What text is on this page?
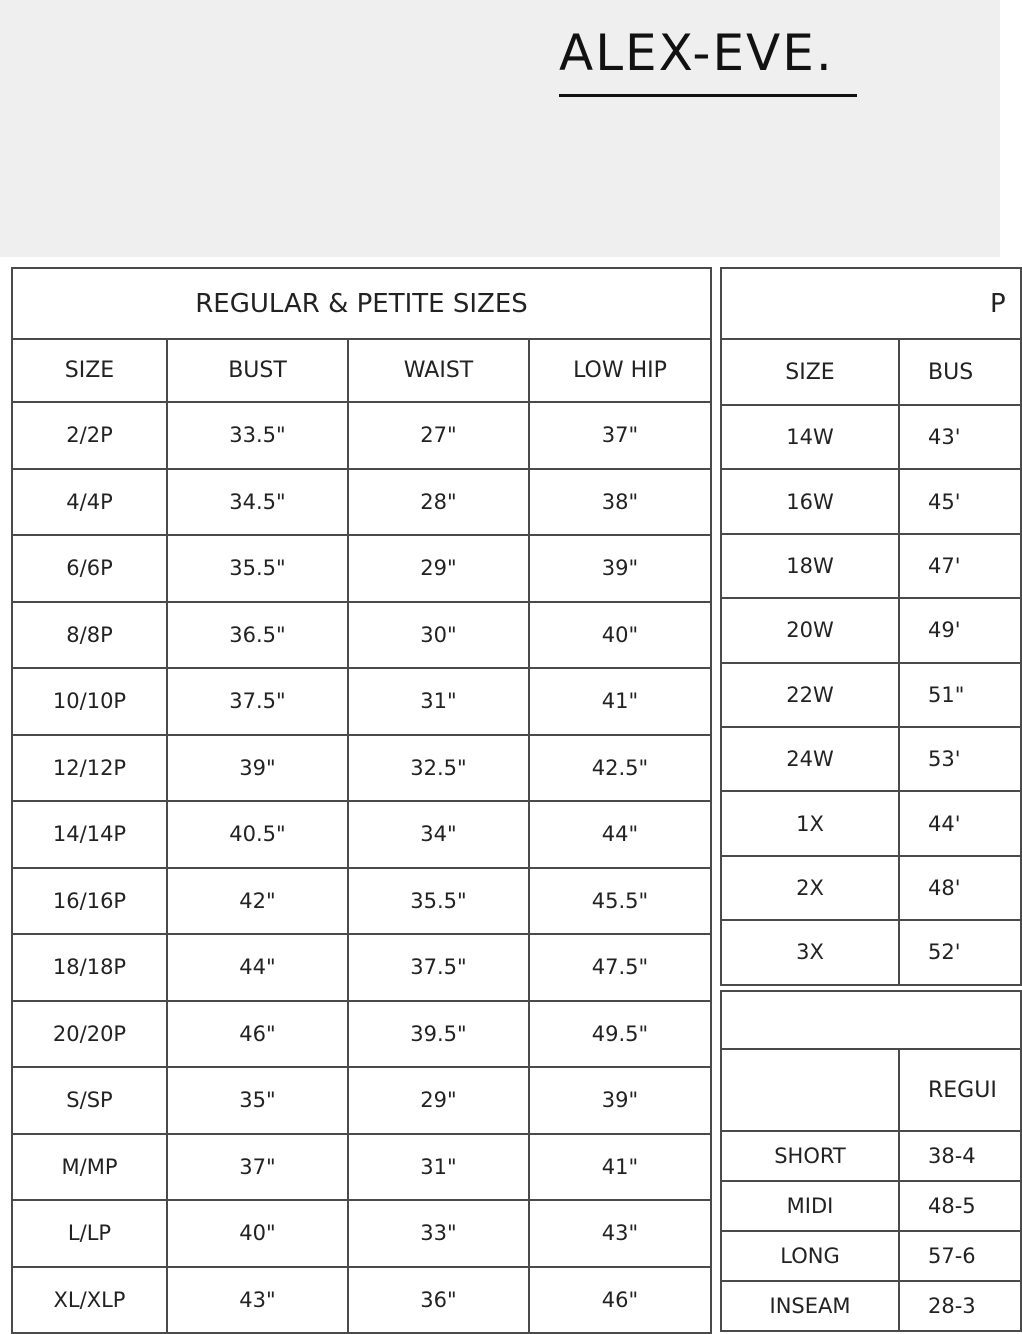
ALEX-EVE.
REGULAR & PETITE SIZES			
SIZE	BUST	WAIST	LOW HIP
2/2P	33.5"	27"	37"
4/4P	34.5"	28"	38"
6/6P	35.5"	29"	39"
8/8P	36.5"	30"	40"
10/10P	37.5"	31"	41"
12/12P	39"	32.5"	42.5"
14/14P	40.5"	34"	44"
16/16P	42"	35.5"	45.5"
18/18P	44"	37.5"	47.5"
20/20P	46"	39.5"	49.5"
S/SP	35"	29"	39"
M/MP	37"	31"	41"
L/LP	40"	33"	43"
XL/XLP	43"	36"	46"
P	
SIZE	BUS
14W	43'
16W	45'
18W	47'
20W	49'
22W	51"
24W	53'
1X	44'
2X	48'
3X	52'

	REGUI
SHORT	38-4
MIDI	48-5
LONG	57-6
INSEAM	28-3
